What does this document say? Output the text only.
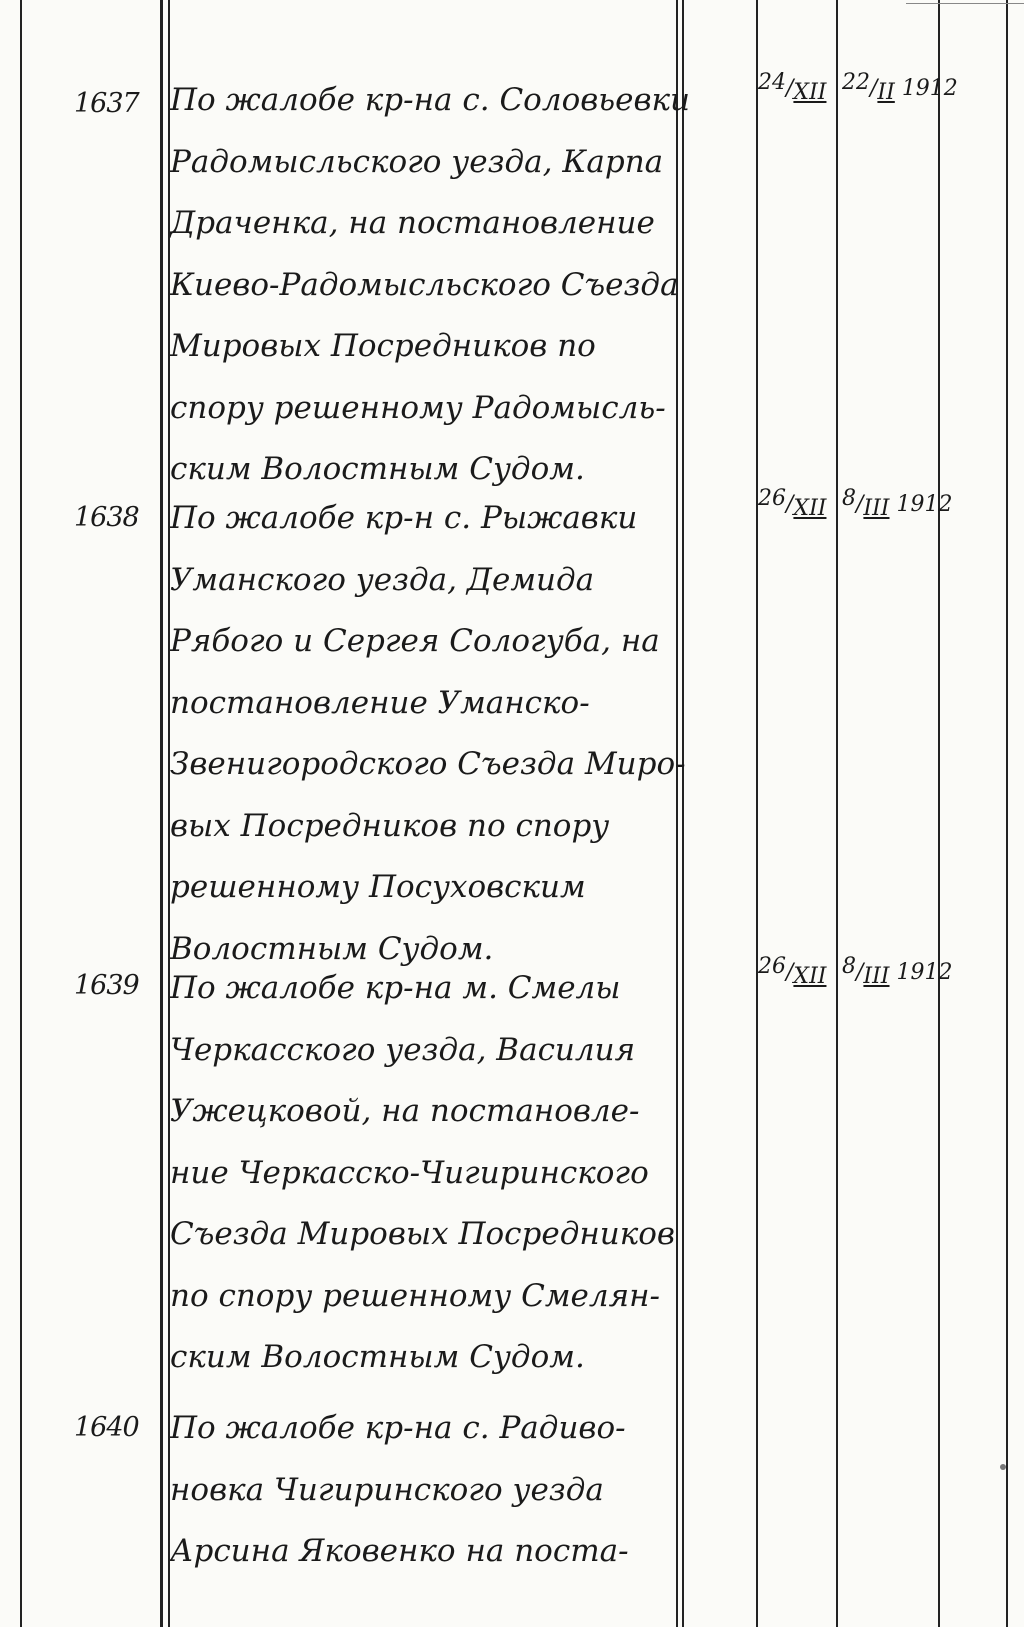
1637	По жалобе кр-на с. Соловьевки
Радомысльского уезда, Карпа
Драченка, на постановление
Киево-Радомысльского Съезда
Мировых Посредников по
спору решенному Радомысль-
ским Волостным Судом.
24/XII 22/II 1912
1638	По жалобе кр-н с. Рыжавки
Уманского уезда, Демида
Рябого и Сергея Сологуба, на
постановление Уманско-
Звенигородского Съезда Миро-
вых Посредников по спору
решенному Посуховским
Волостным Судом.
26/XII 8/III 1912
1639	По жалобе кр-на м. Смелы
Черкасского уезда, Василия
Ужецковой, на постановле-
ние Черкасско-Чигиринского
Съезда Мировых Посредников
по спору решенному Смелян-
ским Волостным Судом.
26/XII 8/III 1912
1640	По жалобе кр-на с. Радиво-
новка Чигиринского уезда
Арсина Яковенко на поста-
